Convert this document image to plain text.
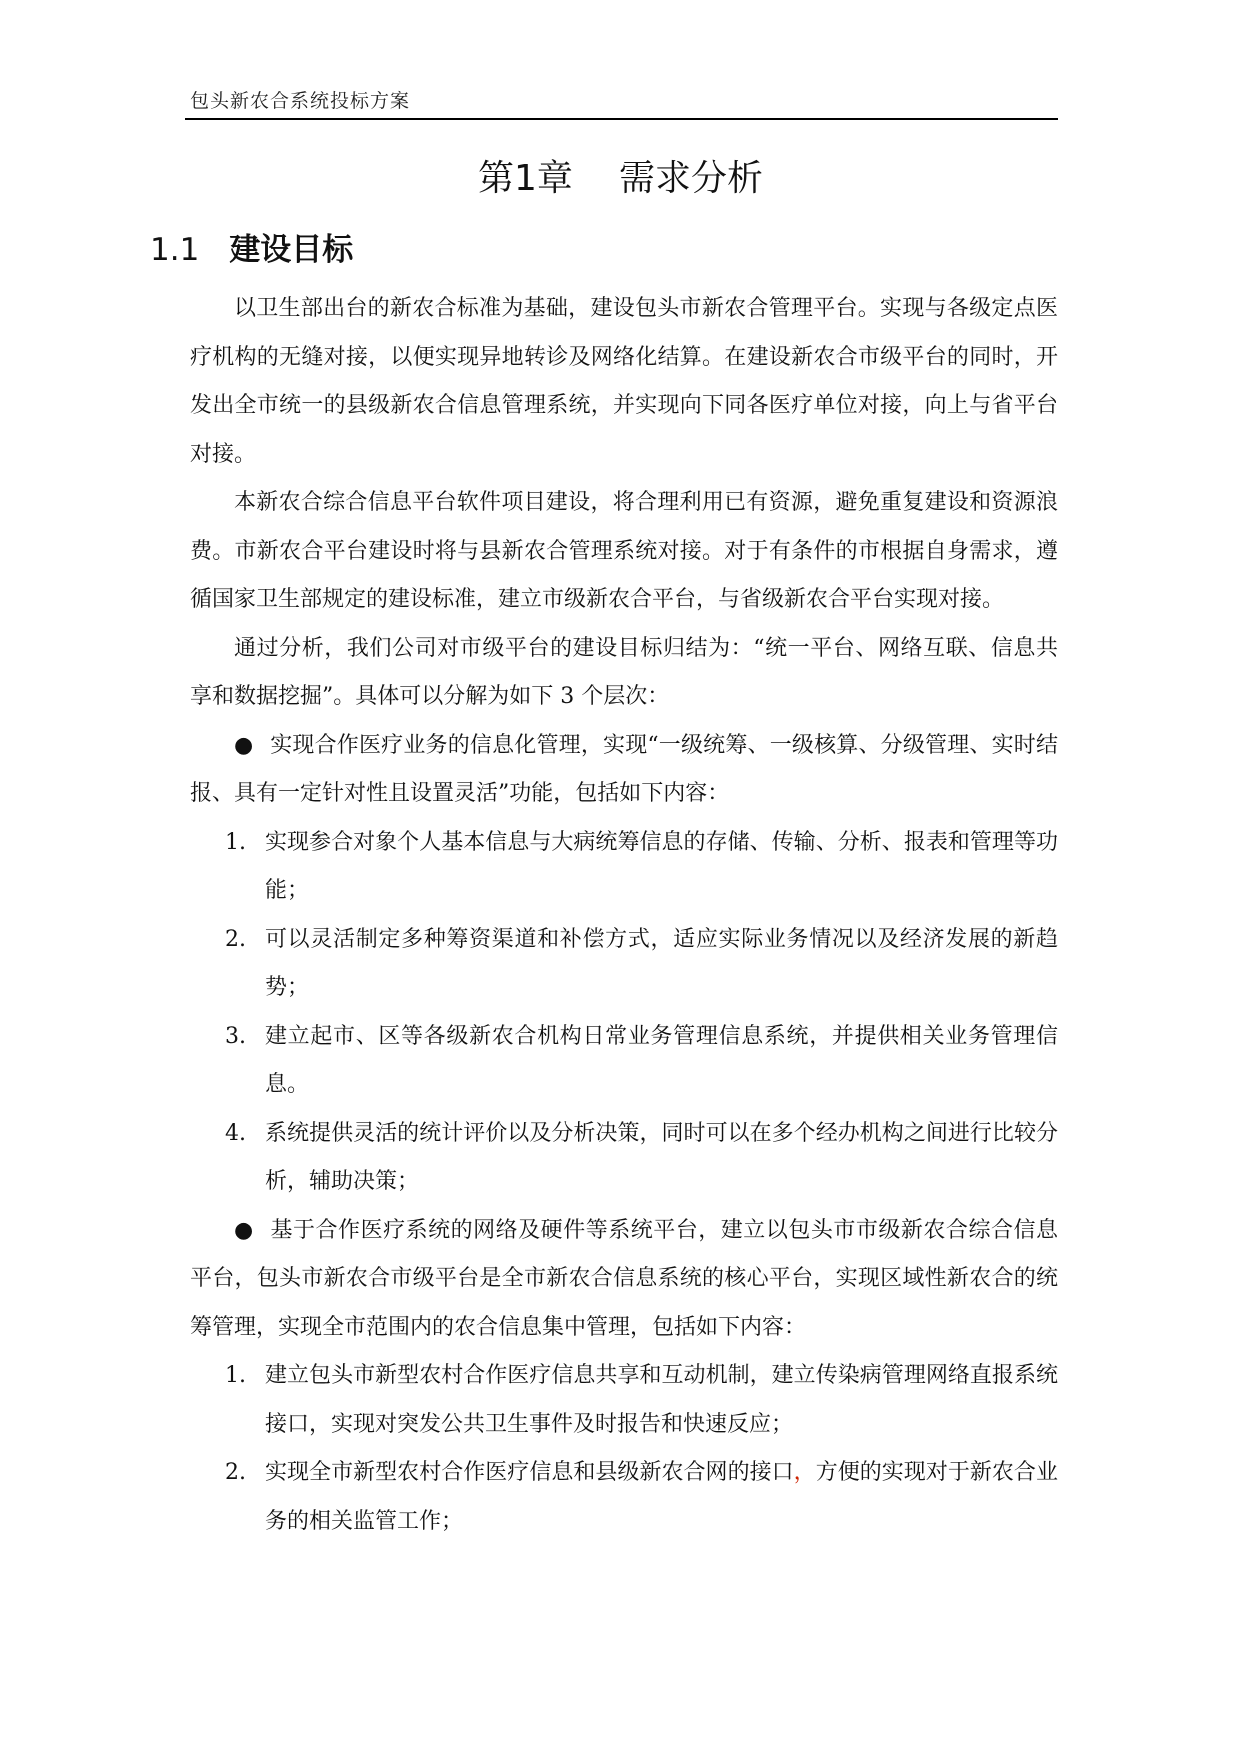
包头新农合系统投标方案
第1章 需求分析
1.1 建设目标

以卫生部出台的新农合标准为基础，建设包头市新农合管理平台。实现与各级定点医疗机构的无缝对接，以便实现异地转诊及网络化结算。在建设新农合市级平台的同时，开发出全市统一的县级新农合信息管理系统，并实现向下同各医疗单位对接，向上与省平台对接。

本新农合综合信息平台软件项目建设，将合理利用已有资源，避免重复建设和资源浪费。市新农合平台建设时将与县新农合管理系统对接。对于有条件的市根据自身需求，遵循国家卫生部规定的建设标准，建立市级新农合平台，与省级新农合平台实现对接。

通过分析，我们公司对市级平台的建设目标归结为：“统一平台、网络互联、信息共享和数据挖掘”。具体可以分解为如下 3 个层次：

● 实现合作医疗业务的信息化管理，实现“一级统筹、一级核算、分级管理、实时结报、具有一定针对性且设置灵活”功能，包括如下内容：

1. 实现参合对象个人基本信息与大病统筹信息的存储、传输、分析、报表和管理等功能；

2. 可以灵活制定多种筹资渠道和补偿方式，适应实际业务情况以及经济发展的新趋势；

3. 建立起市、区等各级新农合机构日常业务管理信息系统，并提供相关业务管理信息。

4. 系统提供灵活的统计评价以及分析决策，同时可以在多个经办机构之间进行比较分析，辅助决策；

● 基于合作医疗系统的网络及硬件等系统平台，建立以包头市市级新农合综合信息平台，包头市新农合市级平台是全市新农合信息系统的核心平台，实现区域性新农合的统筹管理，实现全市范围内的农合信息集中管理，包括如下内容：

1. 建立包头市新型农村合作医疗信息共享和互动机制，建立传染病管理网络直报系统接口，实现对突发公共卫生事件及时报告和快速反应；

2. 实现全市新型农村合作医疗信息和县级新农合网的接口，方便的实现对于新农合业务的相关监管工作；
